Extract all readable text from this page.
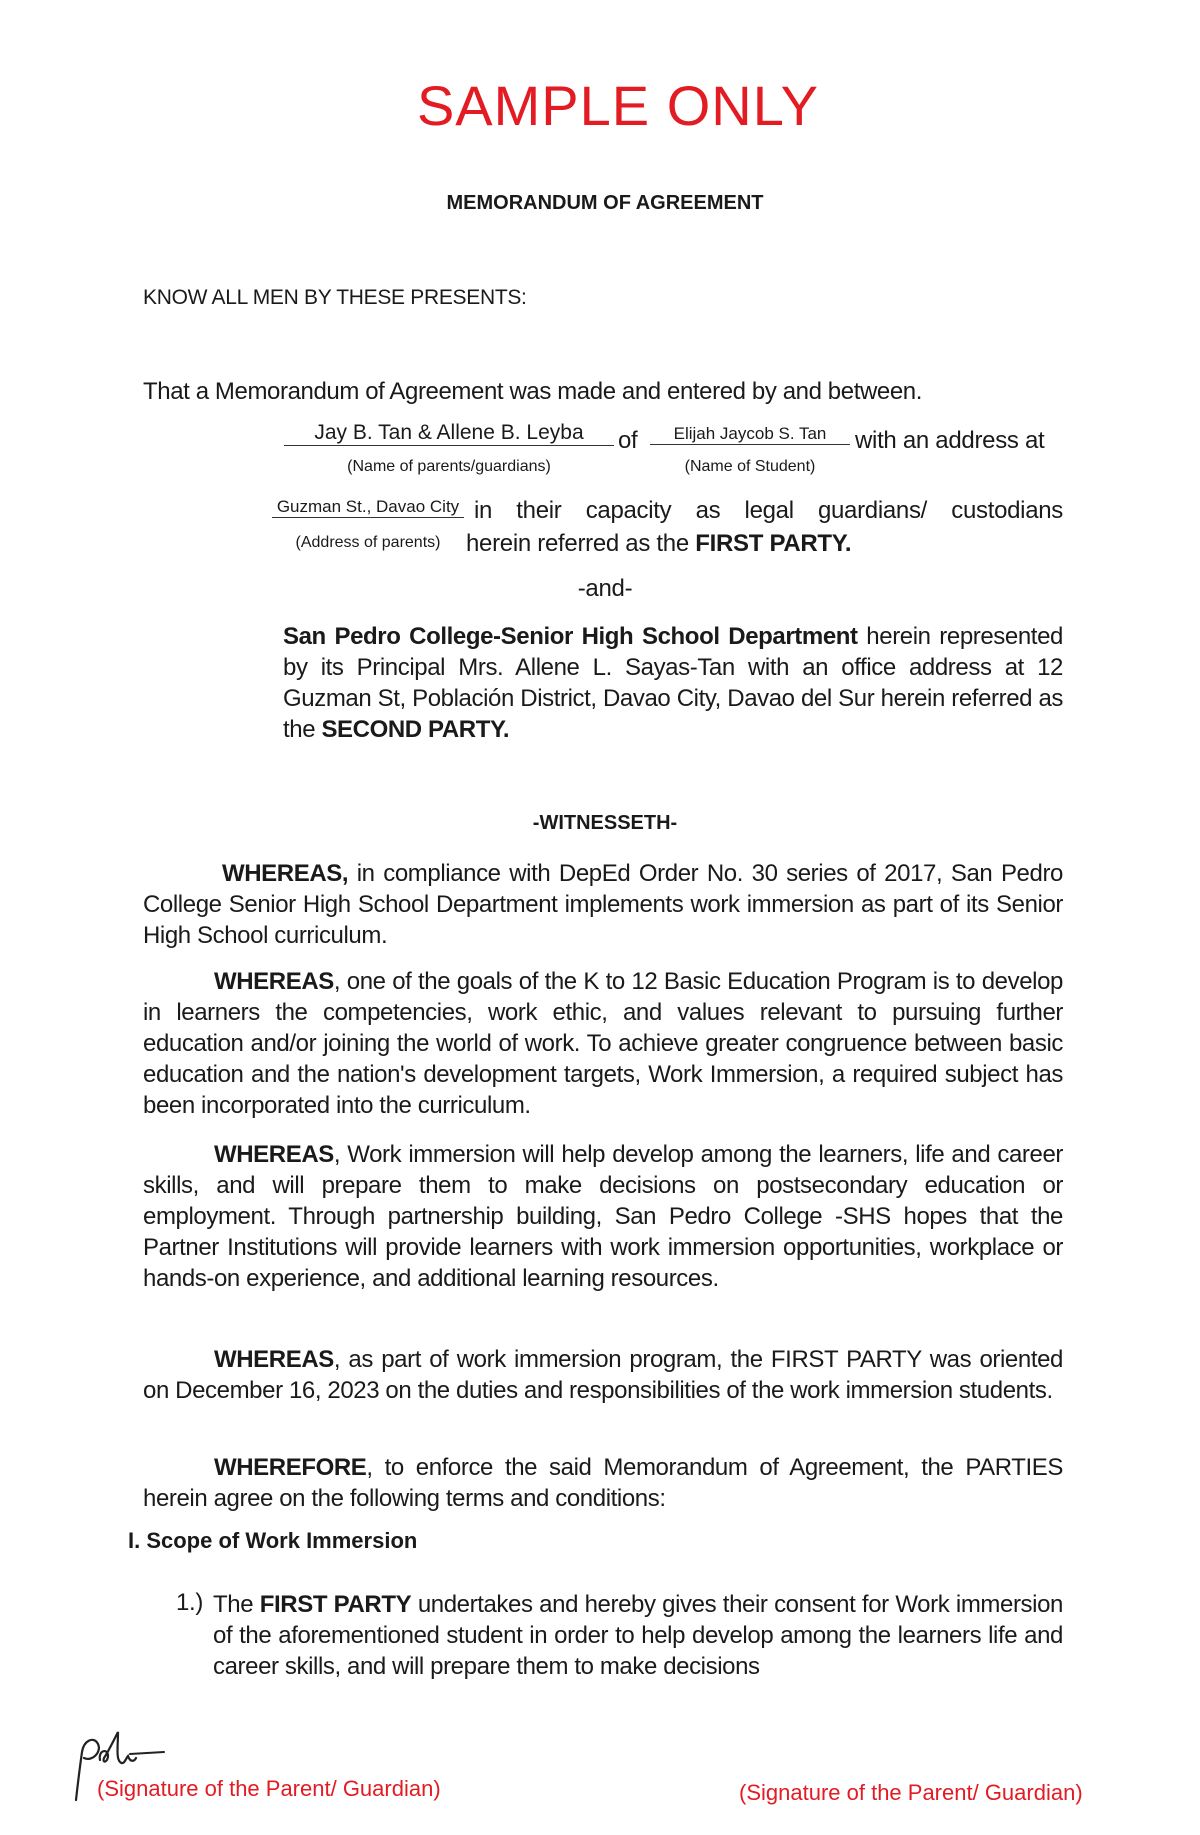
SAMPLE ONLY
MEMORANDUM OF AGREEMENT
KNOW ALL MEN BY THESE PRESENTS:
That a Memorandum of Agreement was made and entered by and between.
Jay B. Tan & Allene B. Leyba
(Name of parents/guardians)
of	Elijah Jaycob S. Tan
(Name of Student)
with an address at
Guzman St., Davao City
(Address of parents)
in their capacity as legal guardians/ custodians
herein referred as the FIRST PARTY.
-and-
San Pedro College-Senior High School Department herein represented by its Principal Mrs. Allene L. Sayas-Tan with an office address at 12 Guzman St, Población District, Davao City, Davao del Sur herein referred as the SECOND PARTY.
-WITNESSETH-
WHEREAS, in compliance with DepEd Order No. 30 series of 2017, San Pedro College Senior High School Department implements work immersion as part of its Senior High School curriculum.
WHEREAS, one of the goals of the K to 12 Basic Education Program is to develop in learners the competencies, work ethic, and values relevant to pursuing further education and/or joining the world of work. To achieve greater congruence between basic education and the nation's development targets, Work Immersion, a required subject has been incorporated into the curriculum.
WHEREAS, Work immersion will help develop among the learners, life and career skills, and will prepare them to make decisions on postsecondary education or employment. Through partnership building, San Pedro College -SHS hopes that the Partner Institutions will provide learners with work immersion opportunities, workplace or hands-on experience, and additional learning resources.
WHEREAS, as part of work immersion program, the FIRST PARTY was oriented on December 16, 2023 on the duties and responsibilities of the work immersion students.
WHEREFORE, to enforce the said Memorandum of Agreement, the PARTIES herein agree on the following terms and conditions:
I. Scope of Work Immersion
1.) The FIRST PARTY undertakes and hereby gives their consent for Work immersion of the aforementioned student in order to help develop among the learners life and career skills, and will prepare them to make decisions
(Signature of the Parent/ Guardian)	(Signature of the Parent/ Guardian)
